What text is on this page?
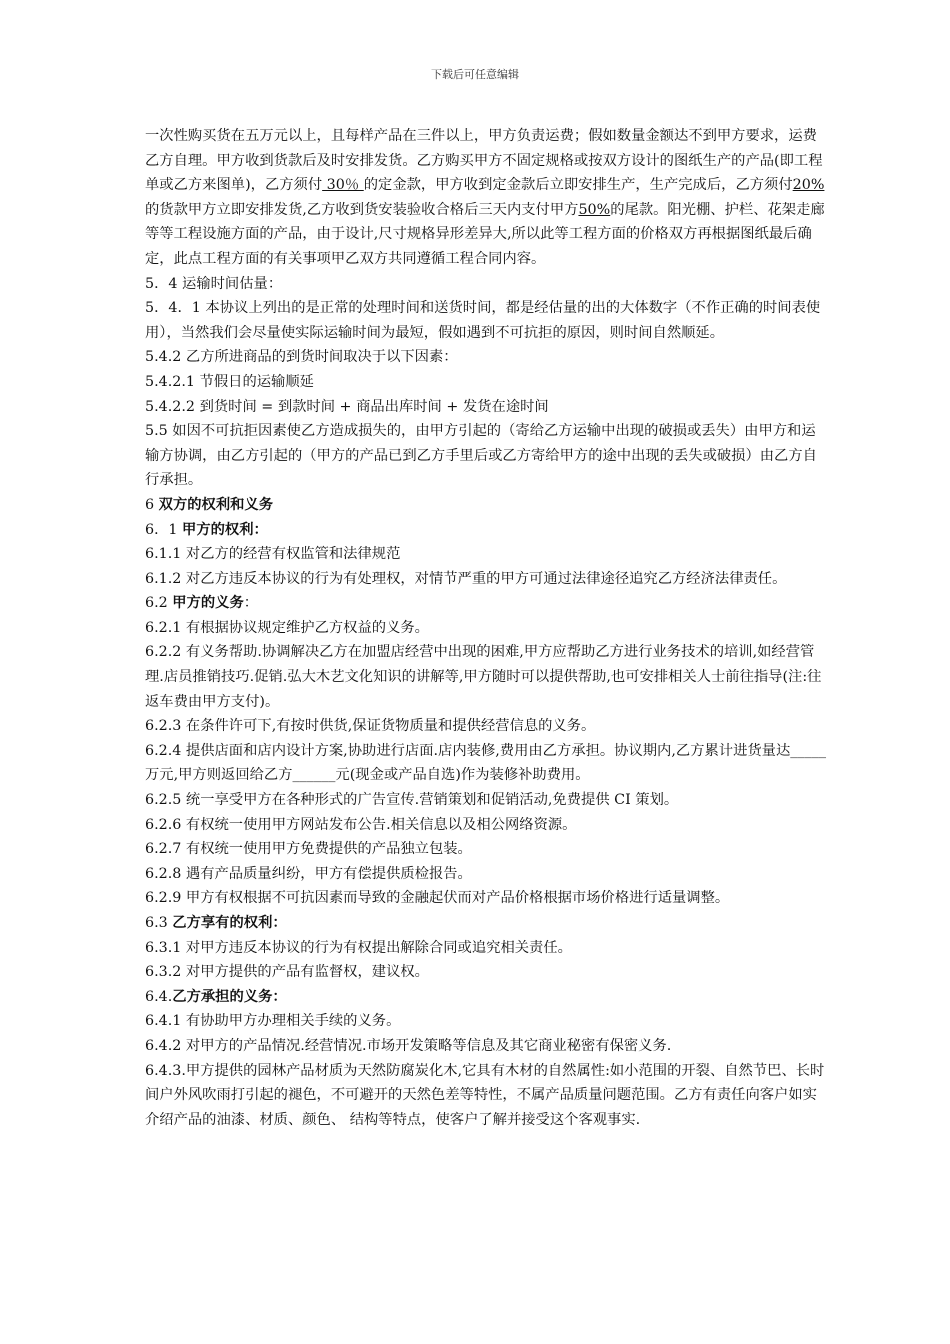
下载后可任意编辑

一次性购买货在五万元以上，且每样产品在三件以上，甲方负责运费；假如数量金额达不到甲方要求，运费乙方自理。甲方收到货款后及时安排发货。乙方购买甲方不固定规格或按双方设计的图纸生产的产品(即工程单或乙方来图单)，乙方须付 30％ 的定金款，甲方收到定金款后立即安排生产，生产完成后，乙方须付20%的货款甲方立即安排发货,乙方收到货安装验收合格后三天内支付甲方50%的尾款。阳光棚、护栏、花架走廊等等工程设施方面的产品，由于设计,尺寸规格异形差异大,所以此等工程方面的价格双方再根据图纸最后确定，此点工程方面的有关事项甲乙双方共同遵循工程合同内容。

5．4 运输时间估量：

5．4．1 本协议上列出的是正常的处理时间和送货时间，都是经估量的出的大体数字（不作正确的时间表使用），当然我们会尽量使实际运输时间为最短，假如遇到不可抗拒的原因，则时间自然顺延。

5.4.2 乙方所进商品的到货时间取决于以下因素：

5.4.2.1 节假日的运输顺延

5.4.2.2 到货时间 = 到款时间 + 商品出库时间 + 发货在途时间

5.5 如因不可抗拒因素使乙方造成损失的，由甲方引起的（寄给乙方运输中出现的破损或丢失）由甲方和运输方协调，由乙方引起的（甲方的产品已到乙方手里后或乙方寄给甲方的途中出现的丢失或破损）由乙方自行承担。

6 双方的权利和义务

6．1 甲方的权利：

6.1.1 对乙方的经营有权监管和法律规范

6.1.2 对乙方违反本协议的行为有处理权，对情节严重的甲方可通过法律途径追究乙方经济法律责任。

6.2 甲方的义务：

6.2.1 有根据协议规定维护乙方权益的义务。

6.2.2 有义务帮助.协调解决乙方在加盟店经营中出现的困难,甲方应帮助乙方进行业务技术的培训,如经营管理.店员推销技巧.促销.弘大木艺文化知识的讲解等,甲方随时可以提供帮助,也可安排相关人士前往指导(注:往返车费由甲方支付)。

6.2.3 在条件许可下,有按时供货,保证货物质量和提供经营信息的义务。

6.2.4 提供店面和店内设计方案,协助进行店面.店内装修,费用由乙方承担。协议期内,乙方累计进货量达_____万元,甲方则返回给乙方______元(现金或产品自选)作为装修补助费用。

6.2.5 统一享受甲方在各种形式的广告宣传.营销策划和促销活动,免费提供 CI 策划。

6.2.6 有权统一使用甲方网站发布公告.相关信息以及相公网络资源。

6.2.7 有权统一使用甲方免费提供的产品独立包装。

6.2.8 遇有产品质量纠纷，甲方有偿提供质检报告。

6.2.9 甲方有权根据不可抗因素而导致的金融起伏而对产品价格根据市场价格进行适量调整。

6.3 乙方享有的权利：

6.3.1 对甲方违反本协议的行为有权提出解除合同或追究相关责任。

6.3.2 对甲方提供的产品有监督权，建议权。

6.4.乙方承担的义务：

6.4.1 有协助甲方办理相关手续的义务。

6.4.2 对甲方的产品情况.经营情况.市场开发策略等信息及其它商业秘密有保密义务.

6.4.3.甲方提供的园林产品材质为天然防腐炭化木,它具有木材的自然属性:如小范围的开裂、自然节巴、长时间户外风吹雨打引起的褪色，不可避开的天然色差等特性，不属产品质量问题范围。乙方有责任向客户如实介绍产品的油漆、材质、颜色、 结构等特点，使客户了解并接受这个客观事实.
